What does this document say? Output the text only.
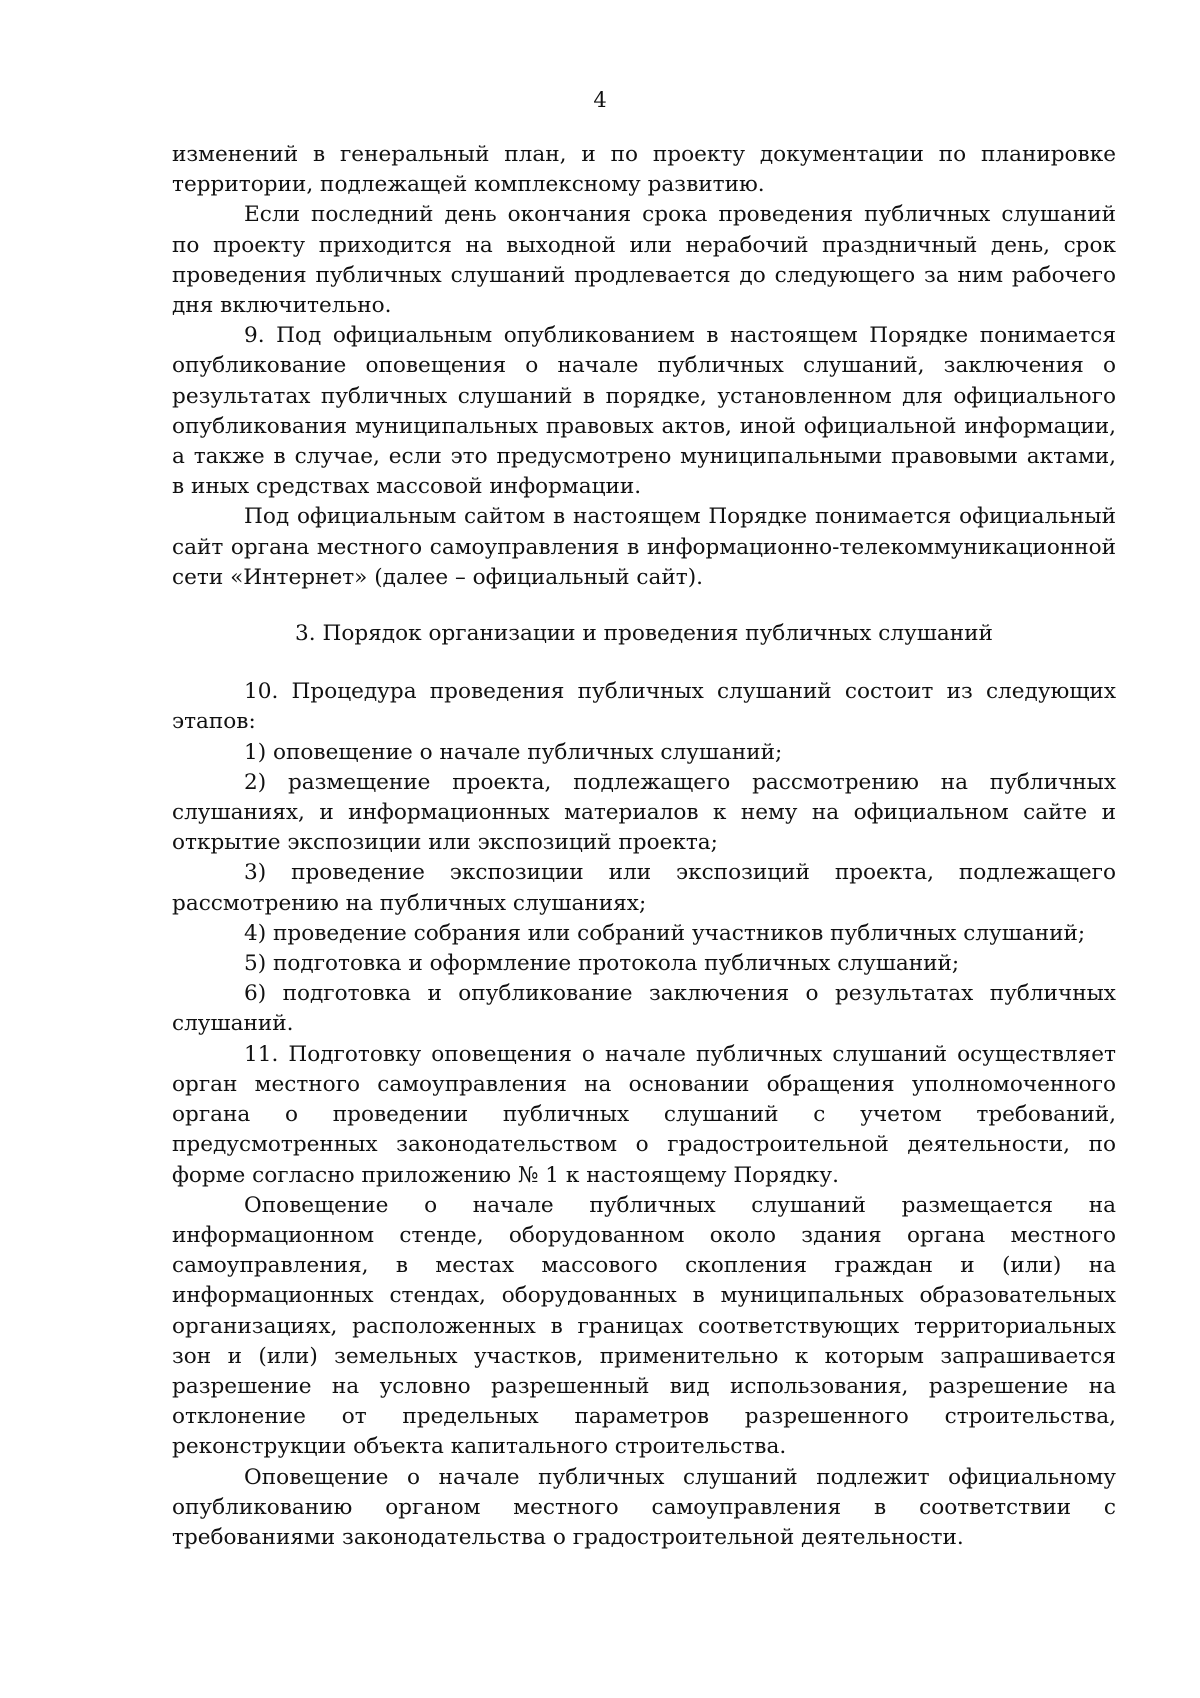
4

изменений в генеральный план, и по проекту документации по планировке территории, подлежащей комплексному развитию.

Если последний день окончания срока проведения публичных слушаний по проекту приходится на выходной или нерабочий праздничный день, срок проведения публичных слушаний продлевается до следующего за ним рабочего дня включительно.

9. Под официальным опубликованием в настоящем Порядке понимается опубликование оповещения о начале публичных слушаний, заключения о результатах публичных слушаний в порядке, установленном для официального опубликования муниципальных правовых актов, иной официальной информации, а также в случае, если это предусмотрено муниципальными правовыми актами, в иных средствах массовой информации.

Под официальным сайтом в настоящем Порядке понимается официальный сайт органа местного самоуправления в информационно-телекоммуникационной сети «Интернет» (далее – официальный сайт).

3. Порядок организации и проведения публичных слушаний

10. Процедура проведения публичных слушаний состоит из следующих этапов:

1) оповещение о начале публичных слушаний;

2) размещение проекта, подлежащего рассмотрению на публичных слушаниях, и информационных материалов к нему на официальном сайте и открытие экспозиции или экспозиций проекта;

3) проведение экспозиции или экспозиций проекта, подлежащего рассмотрению на публичных слушаниях;

4) проведение собрания или собраний участников публичных слушаний;

5) подготовка и оформление протокола публичных слушаний;

6) подготовка и опубликование заключения о результатах публичных слушаний.

11. Подготовку оповещения о начале публичных слушаний осуществляет орган местного самоуправления на основании обращения уполномоченного органа о проведении публичных слушаний с учетом требований, предусмотренных законодательством о градостроительной деятельности, по форме согласно приложению № 1 к настоящему Порядку.

Оповещение о начале публичных слушаний размещается на информационном стенде, оборудованном около здания органа местного самоуправления, в местах массового скопления граждан и (или) на информационных стендах, оборудованных в муниципальных образовательных организациях, расположенных в границах соответствующих территориальных зон и (или) земельных участков, применительно к которым запрашивается разрешение на условно разрешенный вид использования, разрешение на отклонение от предельных параметров разрешенного строительства, реконструкции объекта капитального строительства.

Оповещение о начале публичных слушаний подлежит официальному опубликованию органом местного самоуправления в соответствии с требованиями законодательства о градостроительной деятельности.
